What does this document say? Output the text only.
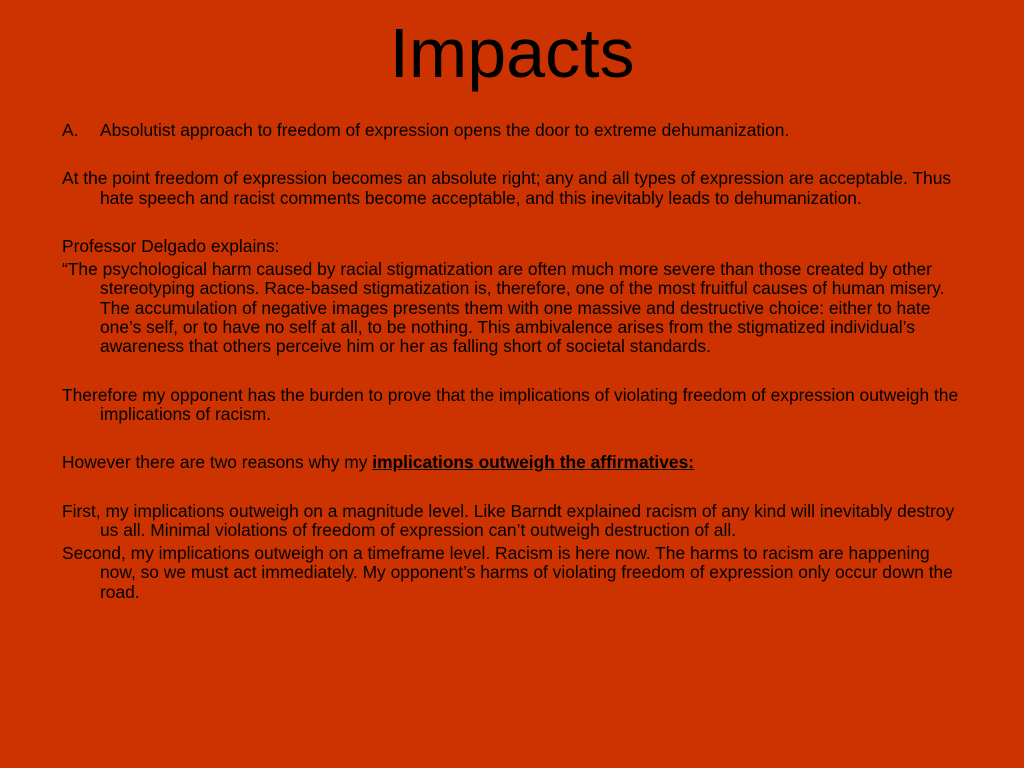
Impacts

A. Absolutist approach to freedom of expression opens the door to extreme dehumanization.

At the point freedom of expression becomes an absolute right; any and all types of expression are acceptable. Thus hate speech and racist comments become acceptable, and this inevitably leads to dehumanization.

Professor Delgado explains:

“The psychological harm caused by racial stigmatization are often much more severe than those created by other stereotyping actions. Race-based stigmatization is, therefore, one of the most fruitful causes of human misery. The accumulation of negative images presents them with one massive and destructive choice: either to hate one’s self, or to have no self at all, to be nothing. This ambivalence arises from the stigmatized individual’s awareness that others perceive him or her as falling short of societal standards.

Therefore my opponent has the burden to prove that the implications of violating freedom of expression outweigh the implications of racism.

However there are two reasons why my implications outweigh the affirmatives:

First, my implications outweigh on a magnitude level. Like Barndt explained racism of any kind will inevitably destroy us all. Minimal violations of freedom of expression can’t outweigh destruction of all.

Second, my implications outweigh on a timeframe level. Racism is here now. The harms to racism are happening now, so we must act immediately. My opponent’s harms of violating freedom of expression only occur down the road.
